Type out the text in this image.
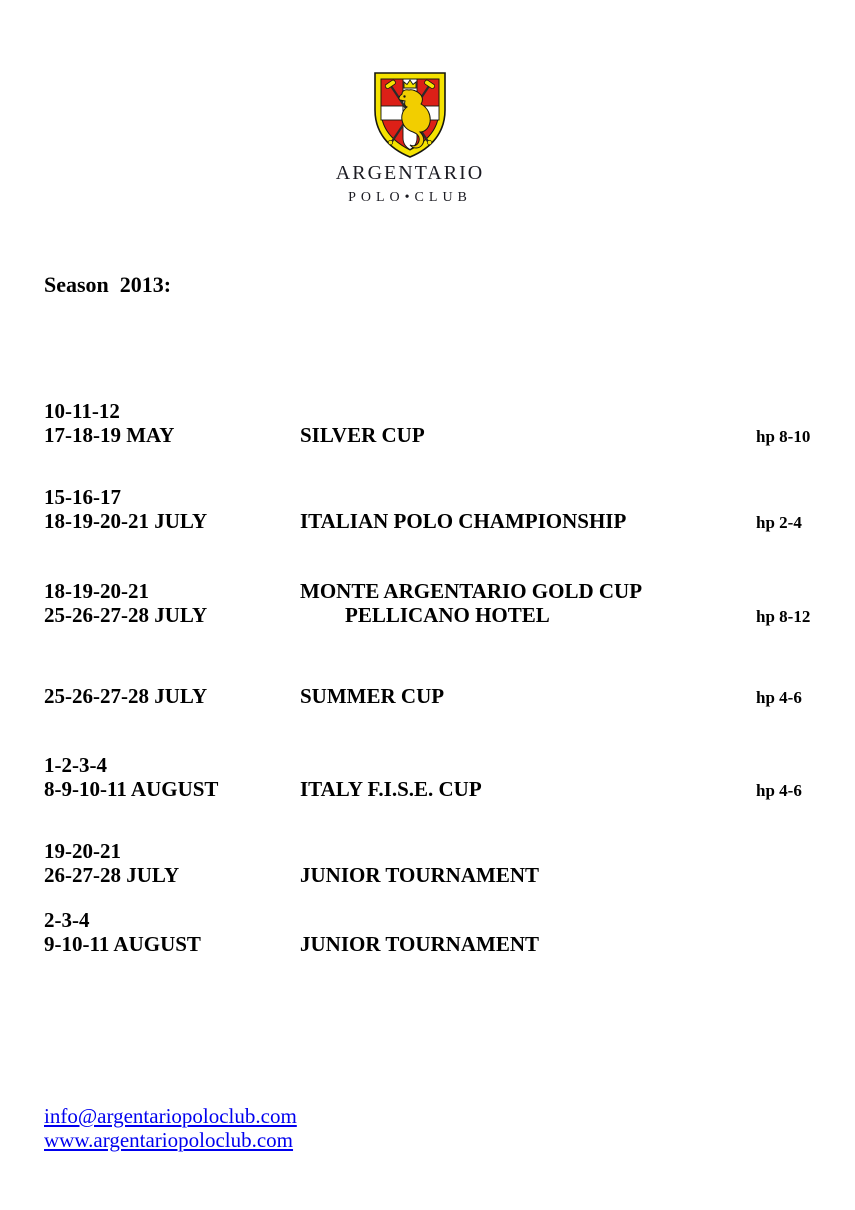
ARGENTARIO
POLO•CLUB
Season  2013:
10-11-12
17-18-19 MAY	SILVER CUP	hp 8-10
15-16-17
18-19-20-21 JULY	ITALIAN POLO CHAMPIONSHIP	hp 2-4
18-19-20-21	MONTE ARGENTARIO GOLD CUP
25-26-27-28 JULY	PELLICANO HOTEL	hp 8-12
25-26-27-28 JULY	SUMMER CUP	hp 4-6
1-2-3-4
8-9-10-11 AUGUST	ITALY F.I.S.E. CUP	hp 4-6
19-20-21
26-27-28 JULY	JUNIOR TOURNAMENT
2-3-4
9-10-11 AUGUST	JUNIOR TOURNAMENT
info@argentariopoloclub.com
www.argentariopoloclub.com
